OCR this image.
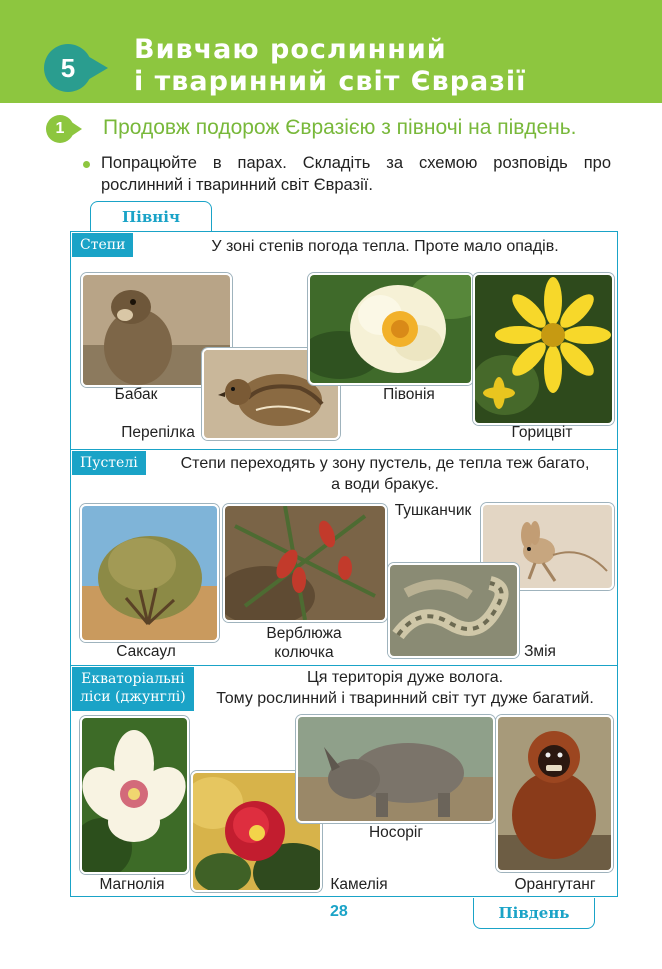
5
Вивчаю рослинний
і тваринний світ Євразії
1	Продовж подорож Євразією з півночі на південь.
Попрацюйте в парах. Складіть за схемою розповідь про рослинний і тваринний світ Євразії.
Північ
Степи	У зоні степів погода тепла. Проте мало опадів.
Бабак
Перепілка
Півонія
Горицвіт
Пустелі	Степи переходять у зону пустель, де тепла теж багато,
а води бракує.
Саксаул
Верблюжа
колючка
Тушканчик
Змія
Екваторіальні
ліси (джунглі)
Ця територія дуже волога.
Тому рослинний і тваринний світ тут дуже багатий.
Магнолія	Камелія
Носоріг
Орангутанг
28	Південь
